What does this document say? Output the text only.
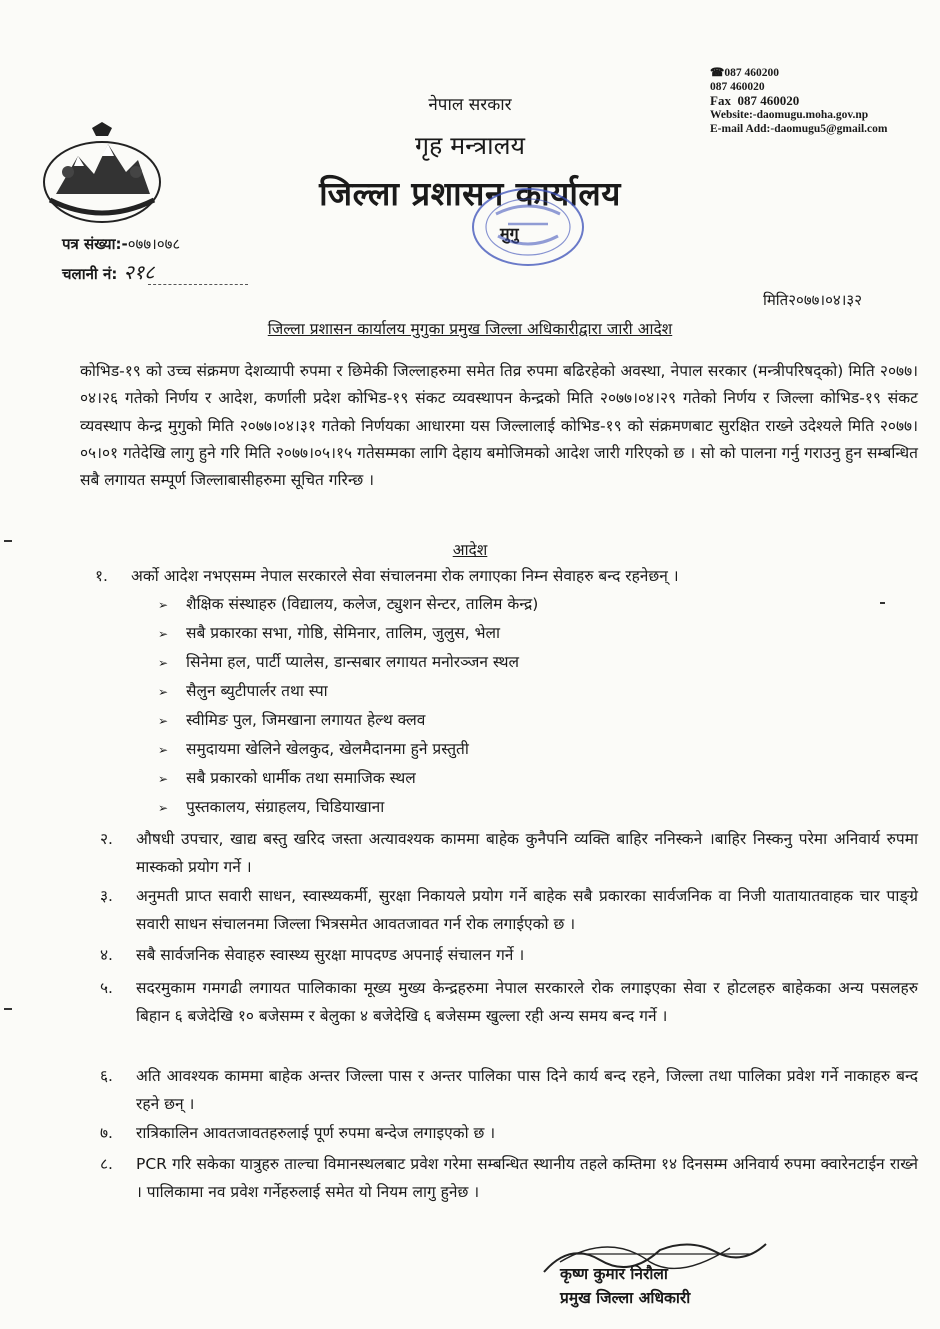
☎087 460200
087 460020
Fax 087 460020
Website:-daomugu.moha.gov.np
E-mail Add:-daomugu5@gmail.com
नेपाल सरकार
गृह मन्त्रालय
जिल्ला प्रशासन कार्यालय
मुगु
पत्र संख्या:-०७७।०७८
चलानी नं: २१८
मिति२०७७।०४।३२
जिल्ला प्रशासन कार्यालय मुगुका प्रमुख जिल्ला अधिकारीद्वारा जारी आदेश
कोभिड-१९ को उच्च संक्रमण देशव्यापी रुपमा र छिमेकी जिल्लाहरुमा समेत तिव्र रुपमा बढिरहेको अवस्था, नेपाल सरकार (मन्त्रीपरिषद्को) मिति २०७७।०४।२६ गतेको निर्णय र आदेश, कर्णाली प्रदेश कोभिड-१९ संकट व्यवस्थापन केन्द्रको मिति २०७७।०४।२९ गतेको निर्णय र जिल्ला कोभिड-१९ संकट व्यवस्थाप केन्द्र मुगुको मिति २०७७।०४।३१ गतेको निर्णयका आधारमा यस जिल्लालाई कोभिड-१९ को संक्रमणबाट सुरक्षित राख्ने उदेश्यले मिति २०७७।०५।०१ गतेदेखि लागु हुने गरि मिति २०७७।०५।१५ गतेसम्मका लागि देहाय बमोजिमको आदेश जारी गरिएको छ । सो को पालना गर्नु गराउनु हुन सम्बन्धित सबै लगायत सम्पूर्ण जिल्लाबासीहरुमा सूचित गरिन्छ ।
आदेश
१. अर्को आदेश नभएसम्म नेपाल सरकारले सेवा संचालनमा रोक लगाएका निम्न सेवाहरु बन्द रहनेछन् ।
➢ शैक्षिक संस्थाहरु (विद्यालय, कलेज, ट्युशन सेन्टर, तालिम केन्द्र)
➢ सबै प्रकारका सभा, गोष्ठि, सेमिनार, तालिम, जुलुस, भेला
➢ सिनेमा हल, पार्टी प्यालेस, डान्सबार लगायत मनोरञ्जन स्थल
➢ सैलुन ब्युटीपार्लर तथा स्पा
➢ स्वीमिङ पुल, जिमखाना लगायत हेल्थ क्लव
➢ समुदायमा खेलिने खेलकुद, खेलमैदानमा हुने प्रस्तुती
➢ सबै प्रकारको धार्मीक तथा समाजिक स्थल
➢ पुस्तकालय, संग्राहलय, चिडियाखाना
२.	औषधी उपचार, खाद्य बस्तु खरिद जस्ता अत्यावश्यक काममा बाहेक कुनैपनि व्यक्ति बाहिर ननिस्कने ।बाहिर निस्कनु परेमा अनिवार्य रुपमा मास्कको प्रयोग गर्ने ।
३.	अनुमती प्राप्त सवारी साधन, स्वास्थ्यकर्मी, सुरक्षा निकायले प्रयोग गर्ने बाहेक सबै प्रकारका सार्वजनिक वा निजी यातायातवाहक चार पाङ्ग्रे सवारी साधन संचालनमा जिल्ला भित्रसमेत आवतजावत गर्न रोक लगाईएको छ ।
४.	सबै सार्वजनिक सेवाहरु स्वास्थ्य सुरक्षा मापदण्ड अपनाई संचालन गर्ने ।
५.	सदरमुकाम गमगढी लगायत पालिकाका मूख्य मुख्य केन्द्रहरुमा नेपाल सरकारले रोक लगाइएका सेवा र होटलहरु बाहेकका अन्य पसलहरु बिहान ६ बजेदेखि १० बजेसम्म र बेलुका ४ बजेदेखि ६ बजेसम्म खुल्ला रही अन्य समय बन्द गर्ने ।
६.	अति आवश्यक काममा बाहेक अन्तर जिल्ला पास र अन्तर पालिका पास दिने कार्य बन्द रहने, जिल्ला तथा पालिका प्रवेश गर्ने नाकाहरु बन्द रहने छन् ।
७.	रात्रिकालिन आवतजावतहरुलाई पूर्ण रुपमा बन्देज लगाइएको छ ।
८.	PCR गरि सकेका यात्रुहरु ताल्चा विमानस्थलबाट प्रवेश गरेमा सम्बन्धित स्थानीय तहले कम्तिमा १४ दिनसम्म अनिवार्य रुपमा क्वारेनटाईन राख्ने । पालिकामा नव प्रवेश गर्नेहरुलाई समेत यो नियम लागु हुनेछ ।
कृष्ण कुमार निरौला
प्रमुख जिल्ला अधिकारी
